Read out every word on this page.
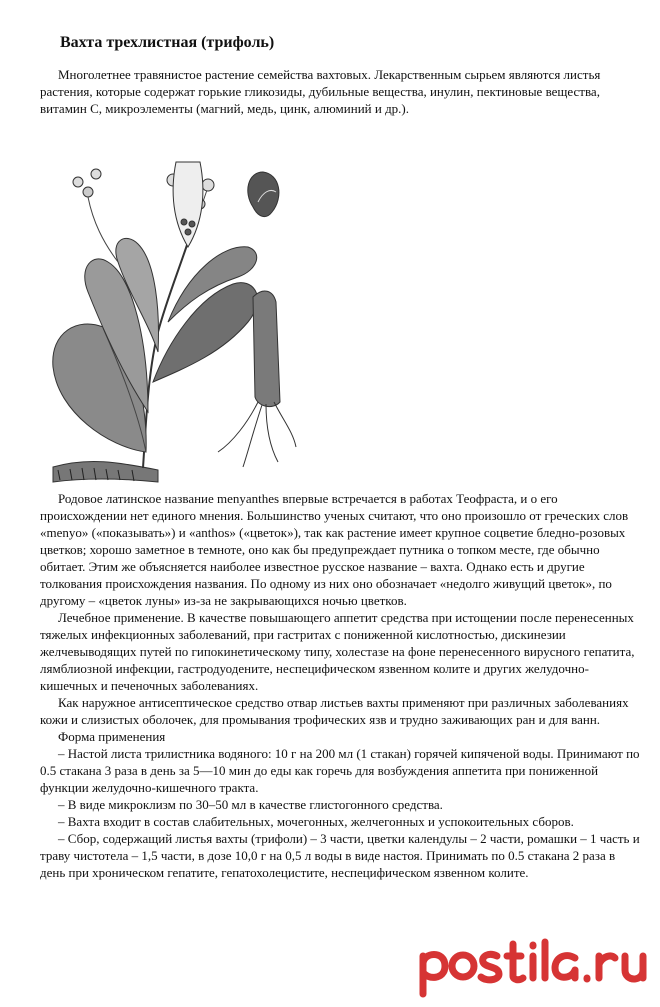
Вахта трехлистная (трифоль)

Многолетнее травянистое растение семейства вахтовых. Лекарственным сырьем являются листья растения, которые содержат горькие гликозиды, дубильные вещества, инулин, пектиновые вещества, витамин С, микроэлементы (магний, медь, цинк, алюминий и др.).

Родовое латинское название menyanthes впервые встречается в работах Теофраста, и о его происхождении нет единого мнения. Большинство ученых считают, что оно произошло от греческих слов «menyo» («показывать») и «anthos» («цветок»), так как растение имеет крупное соцветие бледно-розовых цветков; хорошо заметное в темноте, оно как бы предупреждает путника о топком месте, где обычно обитает. Этим же объясняется наиболее известное русское название – вахта. Однако есть и другие толкования происхождения названия. По одному из них оно обозначает «недолго живущий цветок», по другому – «цветок луны» из-за не закрывающихся ночью цветков.

Лечебное применение. В качестве повышающего аппетит средства при истощении после перенесенных тяжелых инфекционных заболеваний, при гастритах с пониженной кислотностью, дискинезии желчевыводящих путей по гипокинетическому типу, холестазе на фоне перенесенного вирусного гепатита, лямблиозной инфекции, гастродуодените, неспецифическом язвенном колите и других желудочно-кишечных и печеночных заболеваниях.

Как наружное антисептическое средство отвар листьев вахты применяют при различных заболеваниях кожи и слизистых оболочек, для промывания трофических язв и трудно заживающих ран и для ванн.

Форма применения

– Настой листа трилистника водяного: 10 г на 200 мл (1 стакан) горячей кипяченой воды. Принимают по 0.5 стакана 3 раза в день за 5—10 мин до еды как горечь для возбуждения аппетита при пониженной функции желудочно-кишечного тракта.

– В виде микроклизм по 30–50 мл в качестве глистогонного средства.

– Вахта входит в состав слабительных, мочегонных, желчегонных и успокоительных сборов.

– Сбор, содержащий листья вахты (трифоли) – 3 части, цветки календулы – 2 части, ромашки – 1 часть и траву чистотела – 1,5 части, в дозе 10,0 г на 0,5 л воды в виде настоя. Принимать по 0.5 стакана 2 раза в день при хроническом гепатите, гепатохолецистите, неспецифическом язвенном колите.
